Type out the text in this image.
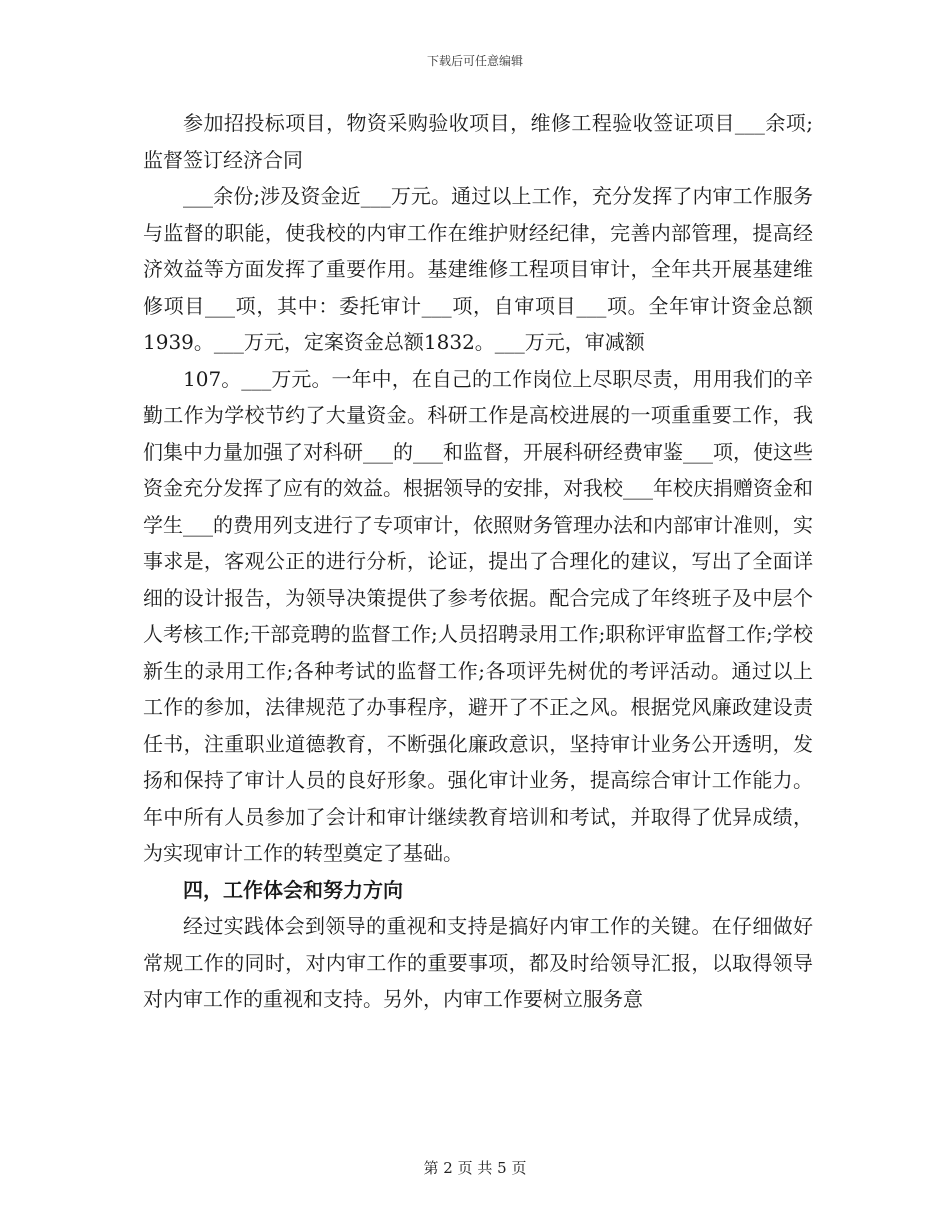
下载后可任意编辑

参加招投标项目，物资采购验收项目，维修工程验收签证项目___余项;监督签订经济合同

___余份;涉及资金近___万元。通过以上工作，充分发挥了内审工作服务与监督的职能，使我校的内审工作在维护财经纪律，完善内部管理，提高经济效益等方面发挥了重要作用。基建维修工程项目审计，全年共开展基建维修项目___项，其中：委托审计___项，自审项目___项。全年审计资金总额1939。___万元，定案资金总额1832。___万元，审减额

107。___万元。一年中，在自己的工作岗位上尽职尽责，用用我们的辛勤工作为学校节约了大量资金。科研工作是高校进展的一项重重要工作，我们集中力量加强了对科研___的___和监督，开展科研经费审鉴___项，使这些资金充分发挥了应有的效益。根据领导的安排，对我校___年校庆捐赠资金和学生___的费用列支进行了专项审计，依照财务管理办法和内部审计准则，实事求是，客观公正的进行分析，论证，提出了合理化的建议，写出了全面详细的设计报告，为领导决策提供了参考依据。配合完成了年终班子及中层个人考核工作;干部竞聘的监督工作;人员招聘录用工作;职称评审监督工作;学校新生的录用工作;各种考试的监督工作;各项评先树优的考评活动。通过以上工作的参加，法律规范了办事程序，避开了不正之风。根据党风廉政建设责任书，注重职业道德教育，不断强化廉政意识，坚持审计业务公开透明，发扬和保持了审计人员的良好形象。强化审计业务，提高综合审计工作能力。年中所有人员参加了会计和审计继续教育培训和考试，并取得了优异成绩，为实现审计工作的转型奠定了基础。

四，工作体会和努力方向

经过实践体会到领导的重视和支持是搞好内审工作的关键。在仔细做好常规工作的同时，对内审工作的重要事项，都及时给领导汇报，以取得领导对内审工作的重视和支持。另外，内审工作要树立服务意

第 2 页 共 5 页
